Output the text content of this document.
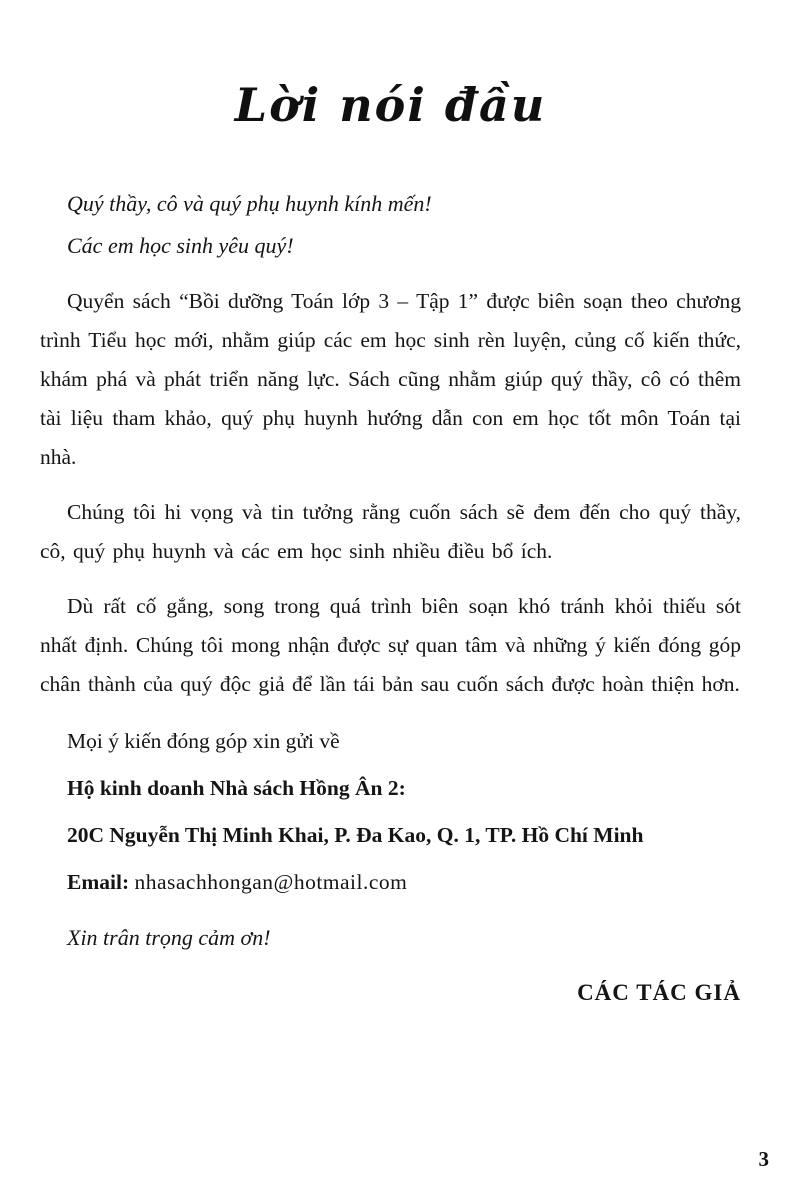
Lời nói đầu

Quý thầy, cô và quý phụ huynh kính mến!

Các em học sinh yêu quý!

Quyển sách “Bồi dưỡng Toán lớp 3 – Tập 1” được biên soạn theo chương trình Tiểu học mới, nhằm giúp các em học sinh rèn luyện, củng cố kiến thức, khám phá và phát triển năng lực. Sách cũng nhằm giúp quý thầy, cô có thêm tài liệu tham khảo, quý phụ huynh hướng dẫn con em học tốt môn Toán tại nhà.

Chúng tôi hi vọng và tin tưởng rằng cuốn sách sẽ đem đến cho quý thầy, cô, quý phụ huynh và các em học sinh nhiều điều bổ ích.

Dù rất cố gắng, song trong quá trình biên soạn khó tránh khỏi thiếu sót nhất định. Chúng tôi mong nhận được sự quan tâm và những ý kiến đóng góp chân thành của quý độc giả để lần tái bản sau cuốn sách được hoàn thiện hơn.

Mọi ý kiến đóng góp xin gửi về

Hộ kinh doanh Nhà sách Hồng Ân 2:

20C Nguyễn Thị Minh Khai, P. Đa Kao, Q. 1, TP. Hồ Chí Minh

Email: nhasachhongan@hotmail.com

Xin trân trọng cảm ơn!

CÁC TÁC GIẢ

3
